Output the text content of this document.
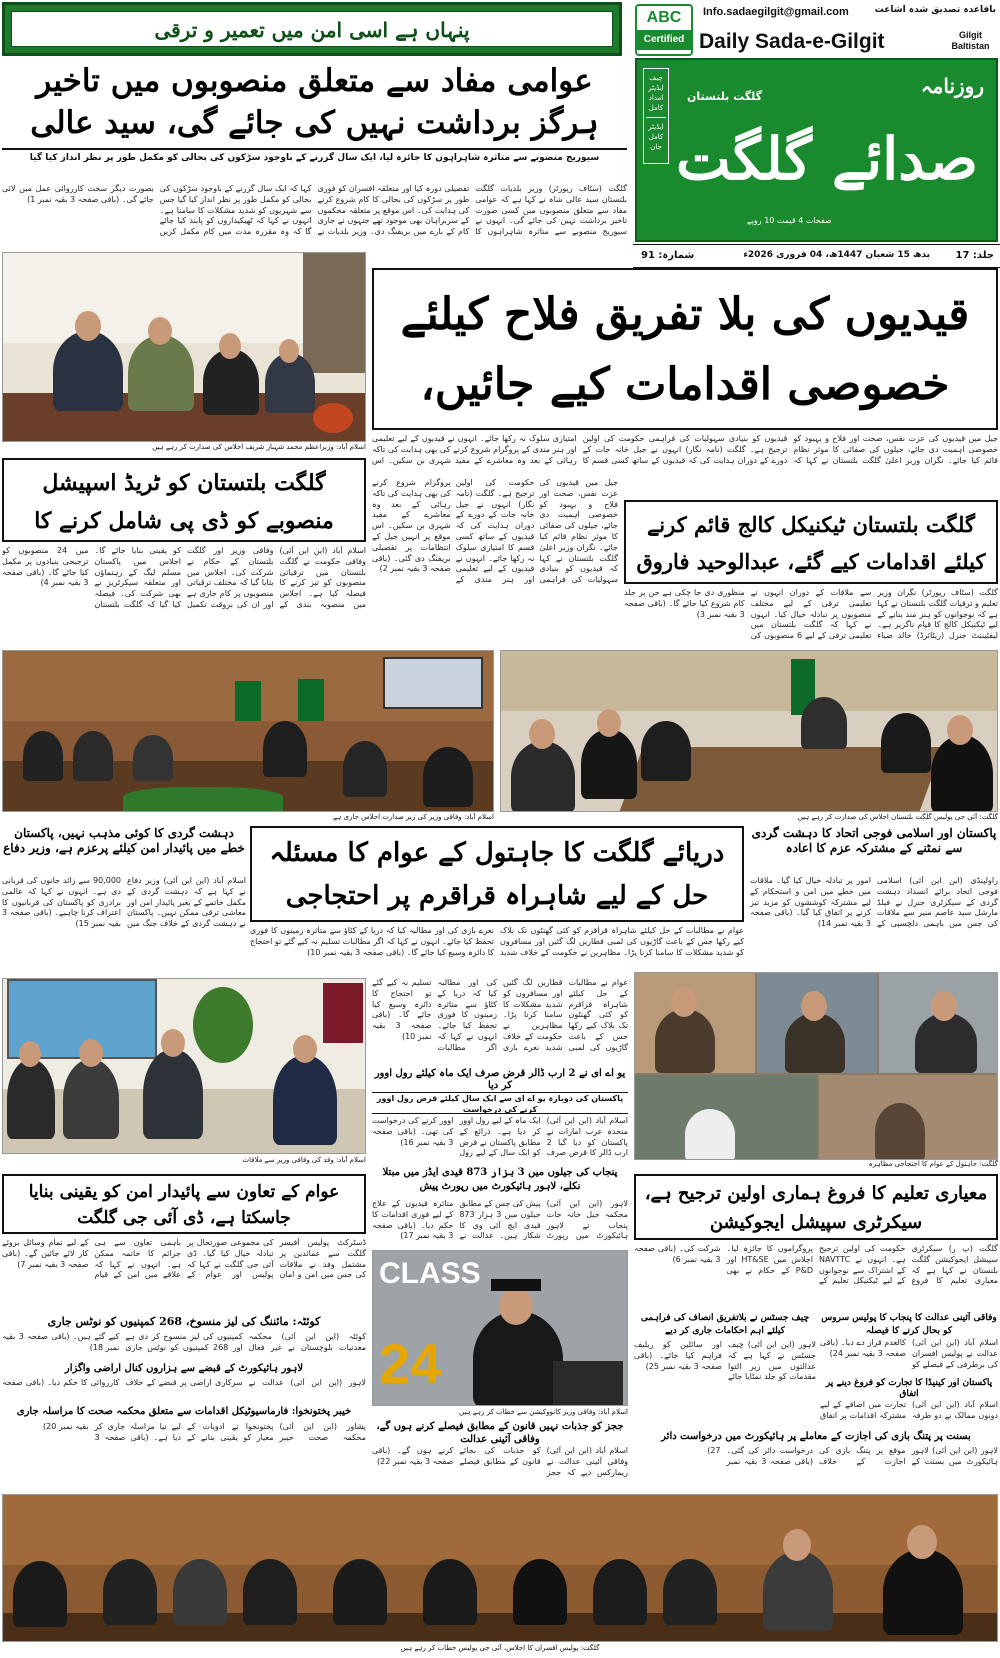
باقاعدہ تصدیق شدہ اشاعت
Info.sadaegilgit@gmail.com
ABC
Certified Daily Sada-e-Gilgit	Gilgit Baltistan
چیف ایڈیٹر امداد کامل
ایڈیٹر کامل جان
روزنامہ
گلگت بلتستان
صدائے گلگت
صفحات 4 قیمت 10 روپے
جلد: 17
بدھ 15 شعبان 1447ھ، 04 فروری 2026ء
شمارہ: 91
پنہاں ہے اسی امن میں تعمیر و ترقی
عوامی مفاد سے متعلق منصوبوں میں تاخیر ہرگز برداشت نہیں کی جائے گی، سید عالی
سیوریج منصوبے سے متاثرہ شاہراہوں کا جائزہ لیا، ایک سال گزرنے کے باوجود سڑکوں کی بحالی کو مکمل طور پر نظر انداز کیا گیا
گلگت (سٹاف رپورٹر) وزیر بلدیات گلگت بلتستان سید عالی شاہ نے کہا ہے کہ عوامی مفاد سے متعلق منصوبوں میں کسی صورت تاخیر برداشت نہیں کی جائے گی۔ انہوں نے سیوریج منصوبے سے متاثرہ شاہراہوں کا تفصیلی دورہ کیا اور متعلقہ افسران کو فوری طور پر سڑکوں کی بحالی کا کام شروع کرنے کی ہدایت کی۔ اس موقع پر متعلقہ محکموں کے سربراہان بھی موجود تھے جنہوں نے جاری کام کے بارے میں بریفنگ دی۔ وزیر بلدیات نے کہا کہ ایک سال گزرنے کے باوجود سڑکوں کی بحالی کو مکمل طور پر نظر انداز کیا گیا جس سے شہریوں کو شدید مشکلات کا سامنا ہے۔ انہوں نے کہا کہ ٹھیکیداروں کو پابند کیا جائے گا کہ وہ مقررہ مدت میں کام مکمل کریں بصورت دیگر سخت کارروائی عمل میں لائی جائے گی۔ (باقی صفحہ 3 بقیہ نمبر 1)
اسلام آباد: وزیراعظم محمد شہباز شریف اجلاس کی صدارت کر رہے ہیں
قیدیوں کی بلا تفریق فلاح کیلئے خصوصی اقدامات کیے جائیں،
جیل میں قیدیوں کی عزت نفس، صحت اور فلاح و بہبود کو خصوصی اہمیت دی جائے، جیلوں کی صفائی کا موثر نظام قائم کیا جائے۔ نگران وزیر اعلیٰ گلگت بلتستان نے کہا کہ قیدیوں کو بنیادی سہولیات کی فراہمی حکومت کی اولین ترجیح ہے۔ گلگت (نامہ نگار) انہوں نے جیل خانہ جات کے دورے کے دوران ہدایت کی کہ قیدیوں کے ساتھ کسی قسم کا امتیازی سلوک نہ رکھا جائے۔ انہوں نے قیدیوں کے لیے تعلیمی اور ہنر مندی کے پروگرام شروع کرنے کی بھی ہدایت کی تاکہ رہائی کے بعد وہ معاشرے کے مفید شہری بن سکیں۔ اس
گلگت بلتستان کو ٹریڈ اسپیشل منصوبے کو ڈی پی شامل کرنے کا
اسلام آباد (این این آئی) وفاقی حکومت نے گلگت بلتستان میں ترقیاتی منصوبوں کو تیز کرنے کا فیصلہ کیا ہے۔ اجلاس میں منصوبہ بندی کے وفاقی وزیر اور گلگت بلتستان کے حکام نے شرکت کی۔ اجلاس میں بتایا گیا کہ مختلف ترقیاتی منصوبوں پر کام جاری ہے اور ان کی بروقت تکمیل کو یقینی بنایا جائے گا۔ اجلاس میں پاکستان مسلم لیگ کے رہنماؤں اور متعلقہ سیکرٹریز نے بھی شرکت کی۔ فیصلہ کیا گیا کہ گلگت بلتستان میں 24 منصوبوں کو ترجیحی بنیادوں پر مکمل کیا جائے گا۔ (باقی صفحہ 3 بقیہ نمبر 4)
جیل میں قیدیوں کی عزت نفس، صحت اور فلاح و بہبود کو خصوصی اہمیت دی جائے، جیلوں کی صفائی کا موثر نظام قائم کیا جائے۔ نگران وزیر اعلیٰ گلگت بلتستان نے کہا کہ قیدیوں کو بنیادی سہولیات کی فراہمی حکومت کی اولین ترجیح ہے۔ گلگت (نامہ نگار) انہوں نے جیل خانہ جات کے دورے کے دوران ہدایت کی کہ قیدیوں کے ساتھ کسی قسم کا امتیازی سلوک نہ رکھا جائے۔ انہوں نے قیدیوں کے لیے تعلیمی اور ہنر مندی کے پروگرام شروع کرنے کی بھی ہدایت کی تاکہ رہائی کے بعد وہ معاشرے کے مفید شہری بن سکیں۔ اس موقع پر انہیں جیل کے انتظامات پر تفصیلی بریفنگ دی گئی۔ (باقی صفحہ 3 بقیہ نمبر 2)
گلگت بلتستان ٹیکنیکل کالج قائم کرنے کیلئے اقدامات کیے گئے، عبدالوحید فاروق
گلگت (سٹاف رپورٹر) نگران وزیر تعلیم و ترقیات گلگت بلتستان نے کہا ہے کہ نوجوانوں کو ہنر مند بنانے کے لیے ٹیکنیکل کالج کا قیام ناگزیر ہے۔ لیفٹیننٹ جنرل (ریٹائرڈ) خالد ضیاء سے ملاقات کے دوران انہوں نے تعلیمی ترقی کے لیے مختلف منصوبوں پر تبادلہ خیال کیا۔ انہوں نے کہا کہ گلگت بلتستان میں تعلیمی ترقی کے لیے 6 منصوبوں کی منظوری دی جا چکی ہے جن پر جلد کام شروع کیا جائے گا۔ (باقی صفحہ 3 بقیہ نمبر 3)
اسلام آباد: وفاقی وزیر کی زیر صدارت اجلاس جاری ہے	گلگت: آئی جی پولیس گلگت بلتستان اجلاس کی صدارت کر رہے ہیں
دہشت گردی کا کوئی مذہب نہیں، پاکستان خطے میں پائیدار امن کیلئے پرعزم ہے، وزیر دفاع
اسلام آباد (این این آئی) وزیر دفاع نے کہا ہے کہ دہشت گردی کے مکمل خاتمے کے بغیر پائیدار امن اور معاشی ترقی ممکن نہیں۔ پاکستان نے دہشت گردی کے خلاف جنگ میں 90,000 سے زائد جانوں کی قربانی دی ہے۔ انہوں نے کہا کہ عالمی برادری کو پاکستان کی قربانیوں کا اعتراف کرنا چاہیے۔ (باقی صفحہ 3 بقیہ نمبر 15)
دریائے گلگت کا جاہتول کے عوام کا مسئلہ حل کے لیے شاہراہ قراقرم پر احتجاجی
عوام نے مطالبات کے حل کیلئے شاہراہ قراقرم کو کئی گھنٹوں تک بلاک کیے رکھا جس کے باعث گاڑیوں کی لمبی قطاریں لگ گئیں اور مسافروں کو شدید مشکلات کا سامنا کرنا پڑا۔ مظاہرین نے حکومت کے خلاف شدید نعرے بازی کی اور مطالبہ کیا کہ دریا کے کٹاؤ سے متاثرہ زمینوں کا فوری تحفظ کیا جائے۔ انہوں نے کہا کہ اگر مطالبات تسلیم نہ کیے گئے تو احتجاج کا دائرہ وسیع کیا جائے گا۔ (باقی صفحہ 3 بقیہ نمبر 10)
پاکستان اور اسلامی فوجی اتحاد کا دہشت گردی سے نمٹنے کے مشترکہ عزم کا اعادہ
راولپنڈی (این این آئی) اسلامی فوجی اتحاد برائے انسداد دہشت گردی کے سیکرٹری جنرل نے فیلڈ مارشل سید عاصم منیر سے ملاقات کی جس میں باہمی دلچسپی کے امور پر تبادلہ خیال کیا گیا۔ ملاقات میں خطے میں امن و استحکام کے لیے مشترکہ کوششوں کو مزید تیز کرنے پر اتفاق کیا گیا۔ (باقی صفحہ 3 بقیہ نمبر 14)
اسلام آباد: وفد کی وفاقی وزیر سے ملاقات
عوام نے مطالبات کے حل کیلئے شاہراہ قراقرم کو کئی گھنٹوں تک بلاک کیے رکھا جس کے باعث گاڑیوں کی لمبی قطاریں لگ گئیں اور مسافروں کو شدید مشکلات کا سامنا کرنا پڑا۔ مظاہرین نے حکومت کے خلاف شدید نعرے بازی کی اور مطالبہ کیا کہ دریا کے کٹاؤ سے متاثرہ زمینوں کا فوری تحفظ کیا جائے۔ انہوں نے کہا کہ اگر مطالبات تسلیم نہ کیے گئے تو احتجاج کا دائرہ وسیع کیا جائے گا۔ (باقی صفحہ 3 بقیہ نمبر 10)
یو اے ای نے 2 ارب ڈالر قرض صرف ایک ماہ کیلئے رول اوور کر دیا
پاکستان کی دوبارہ یو اے ای سے ایک سال کیلئے قرض رول اوور کرنے کی درخواست
اسلام آباد (این این آئی) متحدہ عرب امارات نے پاکستان کو دیا گیا 2 ارب ڈالر کا قرض صرف ایک ماہ کے لیے رول اوور کر دیا ہے۔ ذرائع کے مطابق پاکستان نے قرض کو ایک سال کے لیے رول اوور کرنے کی درخواست کی تھی۔ (باقی صفحہ 3 بقیہ نمبر 16)
گلگت: جاہتول کے عوام کا احتجاجی مظاہرہ
عوام کے تعاون سے پائیدار امن کو یقینی بنایا جاسکتا ہے، ڈی آئی جی گلگت
ڈسٹرکٹ پولیس آفیسر گلگت سے عمائدین پر مشتمل وفد نے ملاقات کی جس میں امن و امان کی مجموعی صورتحال پر تبادلہ خیال کیا گیا۔ ڈی آئی جی گلگت نے کہا کہ پولیس اور عوام کے باہمی تعاون سے ہی جرائم کا خاتمہ ممکن ہے۔ انہوں نے کہا کہ علاقے میں امن کے قیام کے لیے تمام وسائل بروئے کار لائے جائیں گے۔ (باقی صفحہ 3 بقیہ نمبر 7)
پنجاب کی جیلوں میں 3 ہزار 873 قیدی ایڈز میں مبتلا نکلے، لاہور ہائیکورٹ میں رپورٹ پیش
لاہور (این این آئی) محکمہ جیل خانہ جات پنجاب نے لاہور ہائیکورٹ میں رپورٹ پیش کی جس کے مطابق جیلوں میں 3 ہزار 873 قیدی ایچ آئی وی کا شکار ہیں۔ عدالت نے متاثرہ قیدیوں کے علاج کے لیے فوری اقدامات کا حکم دیا۔ (باقی صفحہ 3 بقیہ نمبر 17)
CLASS
24
اسلام آباد: وفاقی وزیر کانووکیشن سے خطاب کر رہے ہیں
معیاری تعلیم کا فروغ ہماری اولین ترجیح ہے، سیکرٹری سپیشل ایجوکیشن
گلگت (پ ر) سیکرٹری سپیشل ایجوکیشن گلگت بلتستان نے کہا ہے کہ معیاری تعلیم کا فروغ حکومت کی اولین ترجیح ہے۔ انہوں نے NAVTTC کے اشتراک سے نوجوانوں کے لیے ٹیکنیکل تعلیم کے پروگراموں کا جائزہ لیا۔ اجلاس میں HT&SE اور P&D کے حکام نے بھی شرکت کی۔ (باقی صفحہ 3 بقیہ نمبر 6)
کوئٹہ: مائننگ کی لیز منسوخ، 268 کمپنیوں کو نوٹس جاری
کوئٹہ (این این آئی) محکمہ معدنیات بلوچستان نے غیر فعال کمپنیوں کی لیز منسوخ کر دی ہے اور 268 کمپنیوں کو نوٹس جاری کیے گئے ہیں۔ (باقی صفحہ 3 بقیہ نمبر 18)
لاہور ہائیکورٹ کے قبضے سے ہزاروں کنال اراضی واگزار
لاہور (این این آئی) عدالت نے سرکاری اراضی پر قبضے کے خلاف کارروائی کا حکم دیا۔ (باقی صفحہ
خیبر پختونخوا: فارماسیوٹیکل اقدامات سے متعلق محکمہ صحت کا مراسلہ جاری
پشاور (این این آئی) محکمہ صحت خیبر پختونخوا نے ادویات کے معیار کو یقینی بنانے کے لیے نیا مراسلہ جاری کر دیا ہے۔ (باقی صفحہ 3 بقیہ نمبر 20)	ججز کو جذبات نہیں قانون کے مطابق فیصلے کرنے ہوں گے، وفاقی آئینی عدالت
اسلام آباد (این این آئی) وفاقی آئینی عدالت نے ریمارکس دیے کہ ججز کو جذبات کی بجائے قانون کے مطابق فیصلے کرنے ہوں گے۔ (باقی صفحہ 3 بقیہ نمبر 22)
چیف جسٹس نے بلاتفریق انصاف کی فراہمی کیلئے اہم احکامات جاری کر دیے
لاہور (این این آئی) چیف جسٹس نے کہا ہے کہ عدالتوں میں زیر التوا مقدمات کو جلد نمٹایا جائے اور سائلین کو ریلیف فراہم کیا جائے۔ (باقی صفحہ 3 بقیہ نمبر 25)
وفاقی آئینی عدالت کا پنجاب کا پولیس سروس کو بحال کرنے کا فیصلہ
اسلام آباد (این این آئی) عدالت نے پولیس افسران کی برطرفی کے فیصلے کو کالعدم قرار دے دیا۔ (باقی صفحہ 3 بقیہ نمبر 24)
پاکستان اور کینیڈا کا تجارت کو فروغ دینے پر اتفاق
اسلام آباد (این این آئی) دونوں ممالک نے دو طرفہ تجارت میں اضافے کے لیے مشترکہ اقدامات پر اتفاق
بسنت پر پتنگ بازی کی اجازت کے معاملے پر ہائیکورٹ میں درخواست دائر
لاہور (این این آئی) لاہور ہائیکورٹ میں بسنت کے موقع پر پتنگ بازی کی اجازت کے خلاف درخواست دائر کی گئی۔ (باقی صفحہ 3 بقیہ نمبر 27)
گلگت: پولیس افسران کا اجلاس، آئی جی پولیس خطاب کر رہے ہیں
